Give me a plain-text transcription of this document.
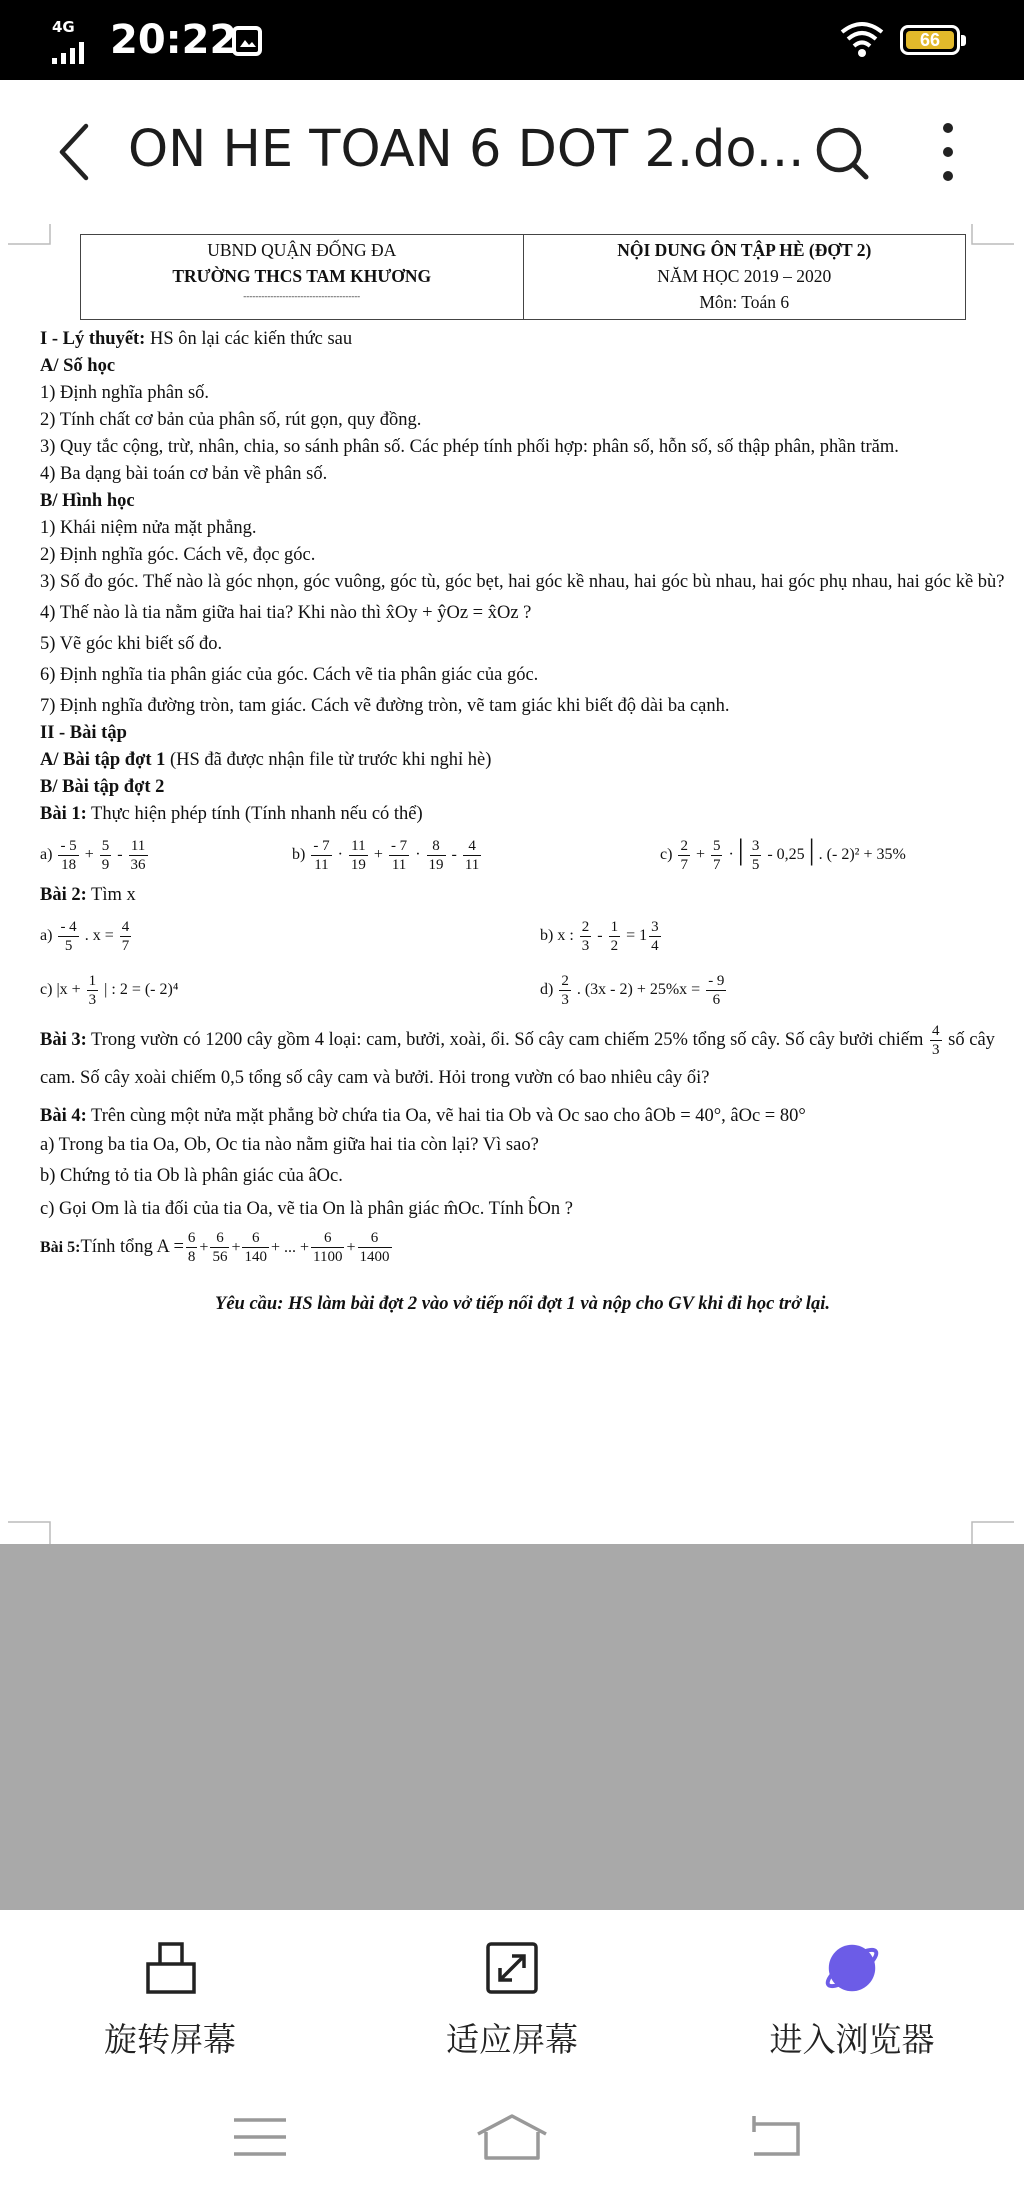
4G 20:22	66
ON HE TOAN 6 DOT 2.do...
UBND QUẬN ĐỐNG ĐA
TRƯỜNG THCS TAM KHƯƠNG
---------------------------------------
NỘI DUNG ÔN TẬP HÈ (ĐỢT 2)
NĂM HỌC 2019 – 2020
Môn: Toán 6

I - Lý thuyết: HS ôn lại các kiến thức sau

A/ Số học

1) Định nghĩa phân số.

2) Tính chất cơ bản của phân số, rút gọn, quy đồng.

3) Quy tắc cộng, trừ, nhân, chia, so sánh phân số. Các phép tính phối hợp: phân số, hỗn số, số thập phân, phần trăm.

4) Ba dạng bài toán cơ bản về phân số.

B/ Hình học

1) Khái niệm nửa mặt phẳng.

2) Định nghĩa góc. Cách vẽ, đọc góc.

3) Số đo góc. Thế nào là góc nhọn, góc vuông, góc tù, góc bẹt, hai góc kề nhau, hai góc bù nhau, hai góc phụ nhau, hai góc kề bù?

4) Thế nào là tia nằm giữa hai tia? Khi nào thì x̂Oy + ŷOz = x̂Oz ?

5) Vẽ góc khi biết số đo.

6) Định nghĩa tia phân giác của góc. Cách vẽ tia phân giác của góc.

7) Định nghĩa đường tròn, tam giác. Cách vẽ đường tròn, vẽ tam giác khi biết độ dài ba cạnh.

II - Bài tập

A/ Bài tập đợt 1 (HS đã được nhận file từ trước khi nghỉ hè)

B/ Bài tập đợt 2

Bài 1: Thực hiện phép tính (Tính nhanh nếu có thể)

$a) \frac{- 5}{18} + \frac{5}{9} - \frac{11}{36}$	$b) \frac{- 7}{11} \cdot \frac{11}{19} + \frac{- 7}{11} \cdot \frac{8}{19} - \frac{4}{11}$	$c) \frac{2}{7} + \frac{5}{7}$ · | $\frac{3}{5} - 0,25$ | . (- 2)² + 35%

Bài 2: Tìm x

$a) \frac{- 4}{5}$ . $x = \frac{4}{7}$	b) x : $\frac{2}{3} - \frac{1}{2} = 1 \frac{3}{4}$
c) $|x + \frac{1}{3}$ | : 2 = (- 2)⁴	$d) \frac{2}{3}$ . $(3x - 2) + 25\%x = \frac{- 9}{6}$

Bài 3: Trong vườn có 1200 cây gồm 4 loại: cam, bưởi, xoài, ổi. Số cây cam chiếm 25% tổng số cây. Số cây bưởi chiếm $\frac{4}{3}$ số cây cam. Số cây xoài chiếm 0,5 tổng số cây cam và bưởi. Hỏi trong vườn có bao nhiêu cây ổi?

Bài 4: Trên cùng một nửa mặt phẳng bờ chứa tia Oa, vẽ hai tia Ob và Oc sao cho âOb = 40°, âOc = 80°

a) Trong ba tia Oa, Ob, Oc tia nào nằm giữa hai tia còn lại? Vì sao?

b) Chứng tỏ tia Ob là phân giác của âOc.

c) Gọi Om là tia đối của tia Oa, vẽ tia On là phân giác m̂Oc. Tính b̂On ?

Bài 5: Tính tổng $A = \frac{6}{8} + \frac{6}{56} + \frac{6}{140}$ + ... + $\frac{6}{1100} + \frac{6}{1400}$

Yêu cầu: HS làm bài đợt 2 vào vở tiếp nối đợt 1 và nộp cho GV khi đi học trở lại.

旋转屏幕	适应屏幕	进入浏览器
